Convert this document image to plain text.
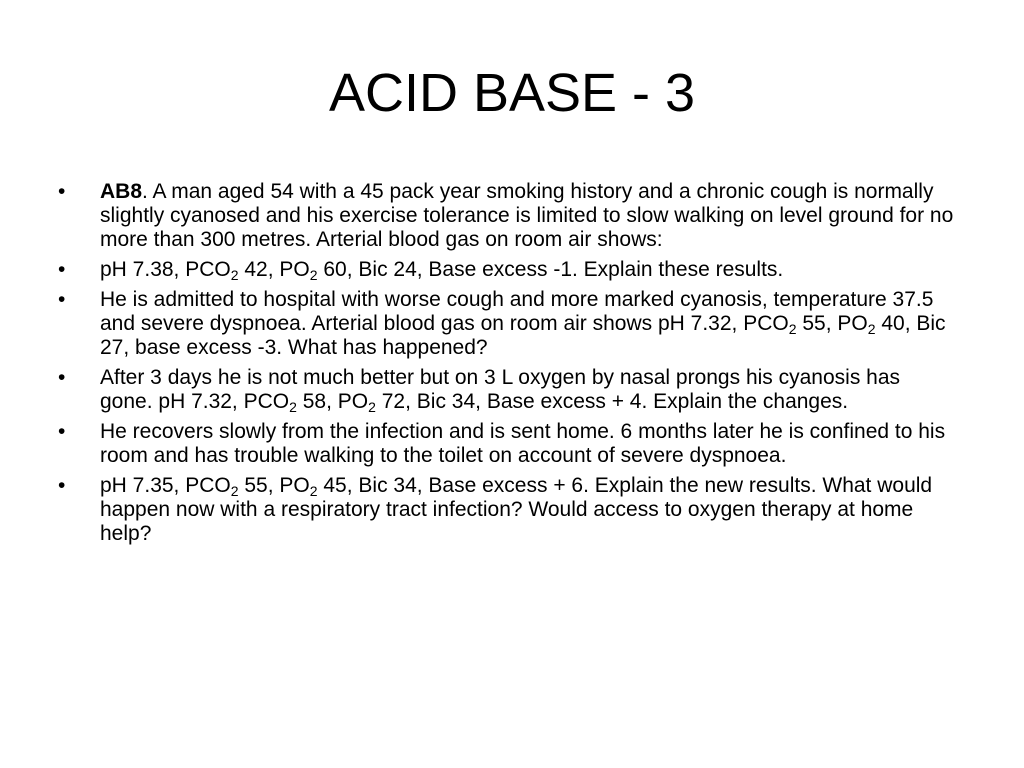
ACID BASE - 3
•	AB8. A man aged 54 with a 45 pack year smoking history and a chronic cough is normally slightly cyanosed and his exercise tolerance is limited to slow walking on level ground for no more than 300 metres. Arterial blood gas on room air shows:
•	pH 7.38, $PCO_2$ 42, $PO_2$ 60, Bic 24, Base excess -1. Explain these results.
•	He is admitted to hospital with worse cough and more marked cyanosis, temperature 37.5 and severe dyspnoea. Arterial blood gas on room air shows pH 7.32, $PCO_2$ 55, $PO_2$ 40, Bic 27, base excess -3. What has happened?
•	After 3 days he is not much better but on 3 L oxygen by nasal prongs his cyanosis has gone. pH 7.32, $PCO_2$ 58, $PO_2$ 72, Bic 34, Base excess + 4. Explain the changes.
•	He recovers slowly from the infection and is sent home. 6 months later he is confined to his room and has trouble walking to the toilet on account of severe dyspnoea.
•	pH 7.35, $PCO_2$ 55, $PO_2$ 45, Bic 34, Base excess + 6. Explain the new results. What would happen now with a respiratory tract infection? Would access to oxygen therapy at home help?
